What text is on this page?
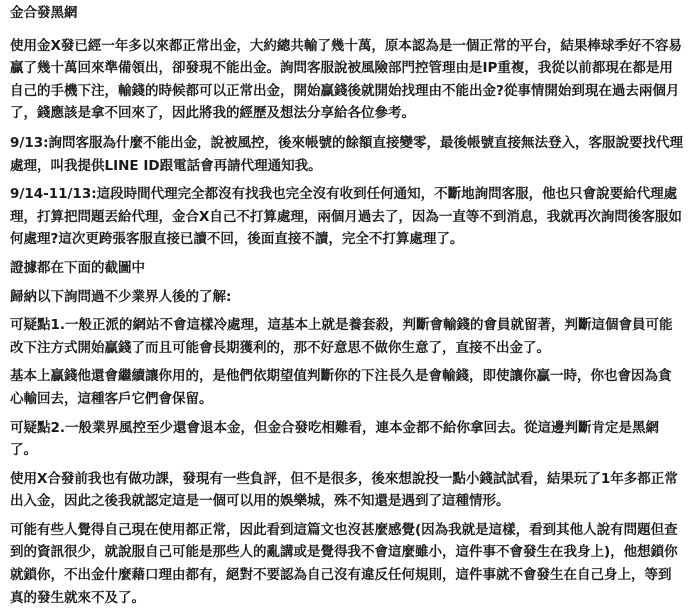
金合發黑網
使用金X發已經一年多以來都正常出金，大約總共輸了幾十萬，原本認為是一個正常的平台，結果棒球季好不容易贏了幾十萬回來準備領出，卻發現不能出金。詢問客服說被風險部門控管理由是IP重複，我從以前都現在都是用自己的手機下注，輸錢的時候都可以正常出金，開始贏錢後就開始找理由不能出金?從事情開始到現在過去兩個月了，錢應該是拿不回來了，因此將我的經歷及想法分享給各位參考。
9/13:詢問客服為什麼不能出金，說被風控，後來帳號的餘額直接變零，最後帳號直接無法登入，客服說要找代理處理，叫我提供LINE ID跟電話會再請代理通知我。
9/14-11/13:這段時間代理完全都沒有找我也完全沒有收到任何通知，不斷地詢問客服，他也只會說要給代理處理，打算把問題丟給代理，金合X自己不打算處理，兩個月過去了，因為一直等不到消息，我就再次詢問後客服如何處理?這次更跨張客服直接已讀不回，後面直接不讀，完全不打算處理了。
證據都在下面的截圖中
歸納以下詢問過不少業界人後的了解:
可疑點1.一般正派的網站不會這樣冷處理，這基本上就是養套殺，判斷會輸錢的會員就留著，判斷這個會員可能改下注方式開始贏錢了而且可能會長期獲利的，那不好意思不做你生意了，直接不出金了。
基本上贏錢他還會繼續讓你用的，是他們依期望值判斷你的下注長久是會輸錢，即使讓你贏一時，你也會因為貪心輸回去，這種客戶它們會保留。
可疑點2.一般業界風控至少還會退本金，但金合發吃相難看，連本金都不給你拿回去。從這邊判斷肯定是黑網了。
使用X合發前我也有做功課，發現有一些負評，但不是很多，後來想說投一點小錢試試看，結果玩了1年多都正常出入金，因此之後我就認定這是一個可以用的娛樂城，殊不知還是遇到了這種情形。
可能有些人覺得自己現在使用都正常，因此看到這篇文也沒甚麼感覺(因為我就是這樣，看到其他人說有問題但查到的資訊很少，就說服自己可能是那些人的亂講或是覺得我不會這麼雖小，這件事不會發生在我身上)，他想鎖你就鎖你，不出金什麼藉口理由都有，絕對不要認為自己沒有違反任何規則，這件事就不會發生在自己身上，等到真的發生就來不及了。
